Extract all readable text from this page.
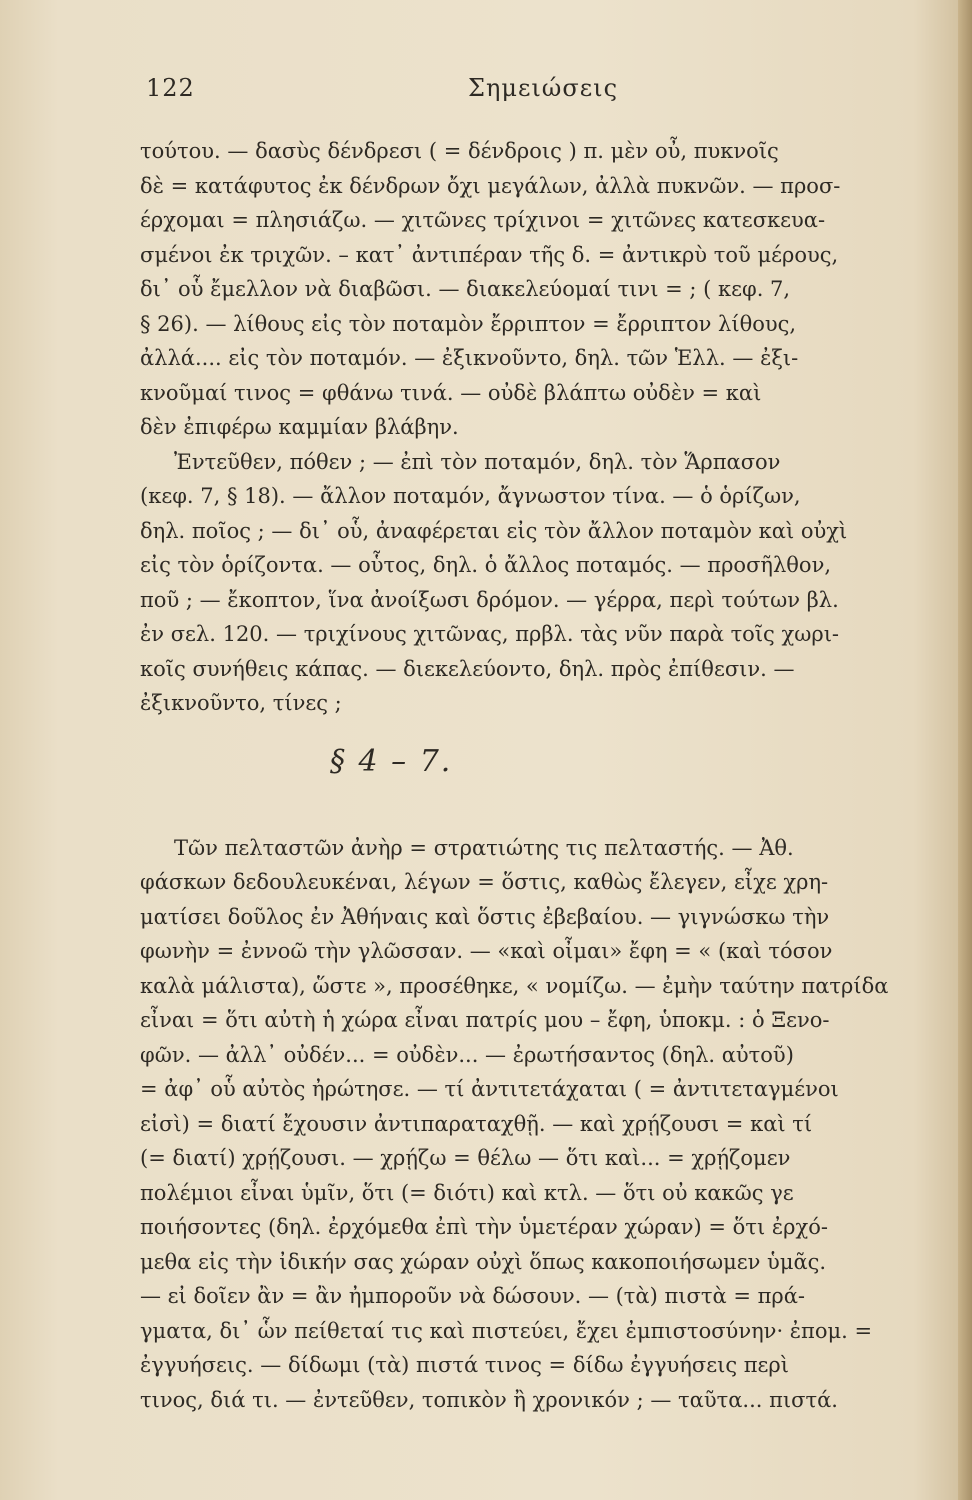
122	Σημειώσεις
τούτου. — δασὺς δένδρεσι ( = δένδροις ) π. μὲν οὖ, πυκνοῖς
δὲ = κατάφυτος ἐκ δένδρων ὄχι μεγάλων, ἀλλὰ πυκνῶν. — προσ-
έρχομαι = πλησιάζω. — χιτῶνες τρίχινοι = χιτῶνες κατεσκευα-
σμένοι ἐκ τριχῶν. – κατ᾽ ἀντιπέραν τῆς δ. = ἀντικρὺ τοῦ μέρους,
δι᾽ οὗ ἔμελλον νὰ διαβῶσι. — διακελεύομαί τινι = ; ( κεφ. 7,
§ 26). — λίθους εἰς τὸν ποταμὸν ἔρριπτον = ἔρριπτον λίθους,
ἀλλά.... εἰς τὸν ποταμόν. — ἐξικνοῦντο, δηλ. τῶν Ἑλλ. — ἐξι-
κνοῦμαί τινος = φθάνω τινά. — οὐδὲ βλάπτω οὐδὲν = καὶ
δὲν ἐπιφέρω καμμίαν βλάβην.
Ἐντεῦθεν, πόθεν ; — ἐπὶ τὸν ποταμόν, δηλ. τὸν Ἅρπασον
(κεφ. 7, § 18). — ἄλλον ποταμόν, ἄγνωστον τίνα. — ὁ ὁρίζων,
δηλ. ποῖος ; — δι᾽ οὗ, ἀναφέρεται εἰς τὸν ἄλλον ποταμὸν καὶ οὐχὶ
εἰς τὸν ὁρίζοντα. — οὗτος, δηλ. ὁ ἄλλος ποταμός. — προσῆλθον,
ποῦ ; — ἔκοπτον, ἵνα ἀνοίξωσι δρόμον. — γέρρα, περὶ τούτων βλ.
ἐν σελ. 120. — τριχίνους χιτῶνας, πρβλ. τὰς νῦν παρὰ τοῖς χωρι-
κοῖς συνήθεις κάπας. — διεκελεύοντο, δηλ. πρὸς ἐπίθεσιν. —
ἐξικνοῦντο, τίνες ;
§ 4 – 7.
Τῶν πελταστῶν ἀνὴρ = στρατιώτης τις πελταστής. — Ἀθ.
φάσκων δεδουλευκέναι, λέγων = ὅστις, καθὼς ἔλεγεν, εἶχε χρη-
ματίσει δοῦλος ἐν Ἀθήναις καὶ ὅστις ἐβεβαίου. — γιγνώσκω τὴν
φωνὴν = ἐννοῶ τὴν γλῶσσαν. — «καὶ οἶμαι» ἔφη = « (καὶ τόσον
καλὰ μάλιστα), ὥστε », προσέθηκε, « νομίζω. — ἐμὴν ταύτην πατρίδα
εἶναι = ὅτι αὐτὴ ἡ χώρα εἶναι πατρίς μου – ἔφη, ὑποκμ. : ὁ Ξενο-
φῶν. — ἀλλ᾽ οὐδέν... = οὐδὲν... — ἐρωτήσαντος (δηλ. αὐτοῦ)
= ἀφ᾽ οὗ αὐτὸς ἠρώτησε. — τί ἀντιτετάχαται ( = ἀντιτεταγμένοι
εἰσὶ) = διατί ἔχουσιν ἀντιπαραταχθῇ. — καὶ χρῄζουσι = καὶ τί
(= διατί) χρῄζουσι. — χρῄζω = θέλω — ὅτι καὶ... = χρῄζομεν
πολέμιοι εἶναι ὑμῖν, ὅτι (= διότι) καὶ κτλ. — ὅτι οὐ κακῶς γε
ποιήσοντες (δηλ. ἐρχόμεθα ἐπὶ τὴν ὑμετέραν χώραν) = ὅτι ἐρχό-
μεθα εἰς τὴν ἰδικήν σας χώραν οὐχὶ ὅπως κακοποιήσωμεν ὑμᾶς.
— εἰ δοῖεν ἂν = ἂν ἠμποροῦν νὰ δώσουν. — (τὰ) πιστὰ = πρά-
γματα, δι᾽ ὧν πείθεταί τις καὶ πιστεύει, ἔχει ἐμπιστοσύνην· ἐπομ. =
ἐγγυήσεις. — δίδωμι (τὰ) πιστά τινος = δίδω ἐγγυήσεις περὶ
τινος, διά τι. — ἐντεῦθεν, τοπικὸν ἢ χρονικόν ; — ταῦτα... πιστά.
